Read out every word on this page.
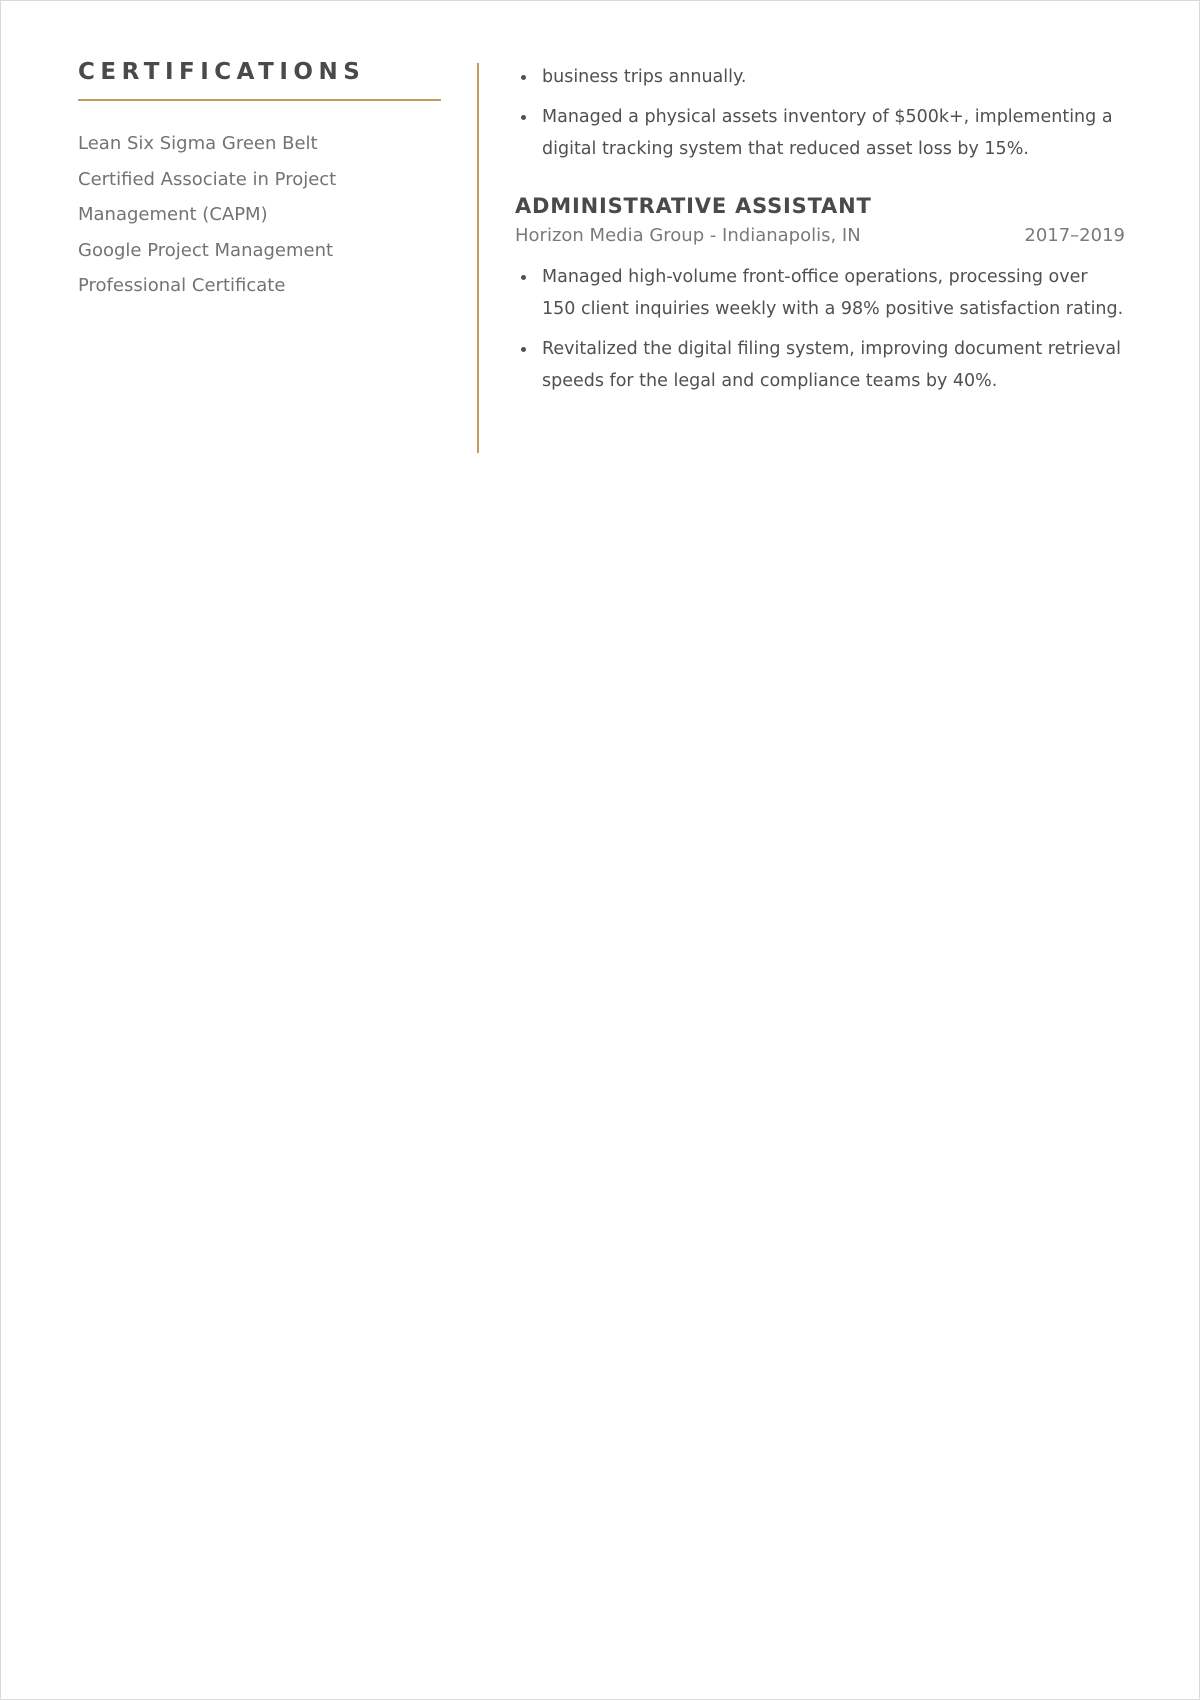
CERTIFICATIONS
Lean Six Sigma Green Belt
Certified Associate in Project
Management (CAPM)
Google Project Management
Professional Certificate
business trips annually.
Managed a physical assets inventory of $500k+, implementing a
digital tracking system that reduced asset loss by 15%.
ADMINISTRATIVE ASSISTANT
Horizon Media Group - Indianapolis, IN	2017–2019
Managed high-volume front-office operations, processing over
150 client inquiries weekly with a 98% positive satisfaction rating.
Revitalized the digital filing system, improving document retrieval
speeds for the legal and compliance teams by 40%.
